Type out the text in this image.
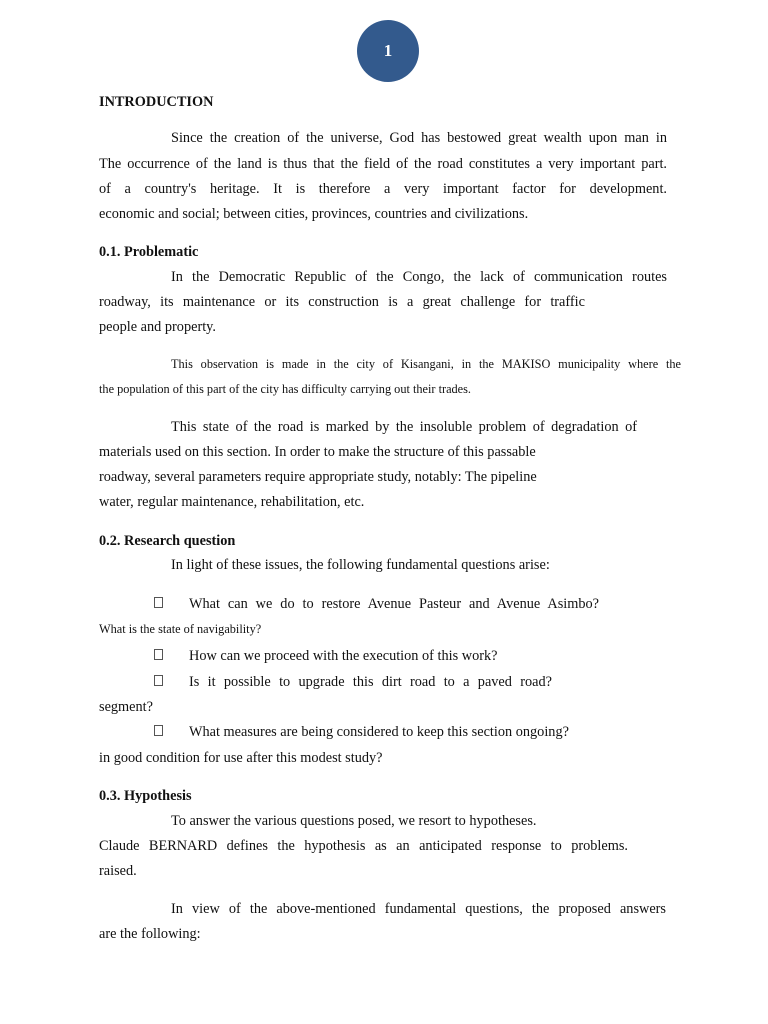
1
INTRODUCTION
Since the creation of the universe, God has bestowed great wealth upon man in
The occurrence of the land is thus that the field of the road constitutes a very important part.
of a country's heritage. It is therefore a very important factor for development.
economic and social; between cities, provinces, countries and civilizations.
0.1. Problematic
In the Democratic Republic of the Congo, the lack of communication routes
roadway, its maintenance or its construction is a great challenge for traffic
people and property.
This observation is made in the city of Kisangani, in the MAKISO municipality where the
the population of this part of the city has difficulty carrying out their trades.
This state of the road is marked by the insoluble problem of degradation of
materials used on this section. In order to make the structure of this passable
roadway, several parameters require appropriate study, notably: The pipeline
water, regular maintenance, rehabilitation, etc.
0.2. Research question
In light of these issues, the following fundamental questions arise:
What can we do to restore Avenue Pasteur and Avenue Asimbo?
What is the state of navigability?
How can we proceed with the execution of this work?
Is it possible to upgrade this dirt road to a paved road?
segment?
What measures are being considered to keep this section ongoing?
in good condition for use after this modest study?
0.3. Hypothesis
To answer the various questions posed, we resort to hypotheses.
Claude BERNARD defines the hypothesis as an anticipated response to problems.
raised.
In view of the above-mentioned fundamental questions, the proposed answers
are the following:
